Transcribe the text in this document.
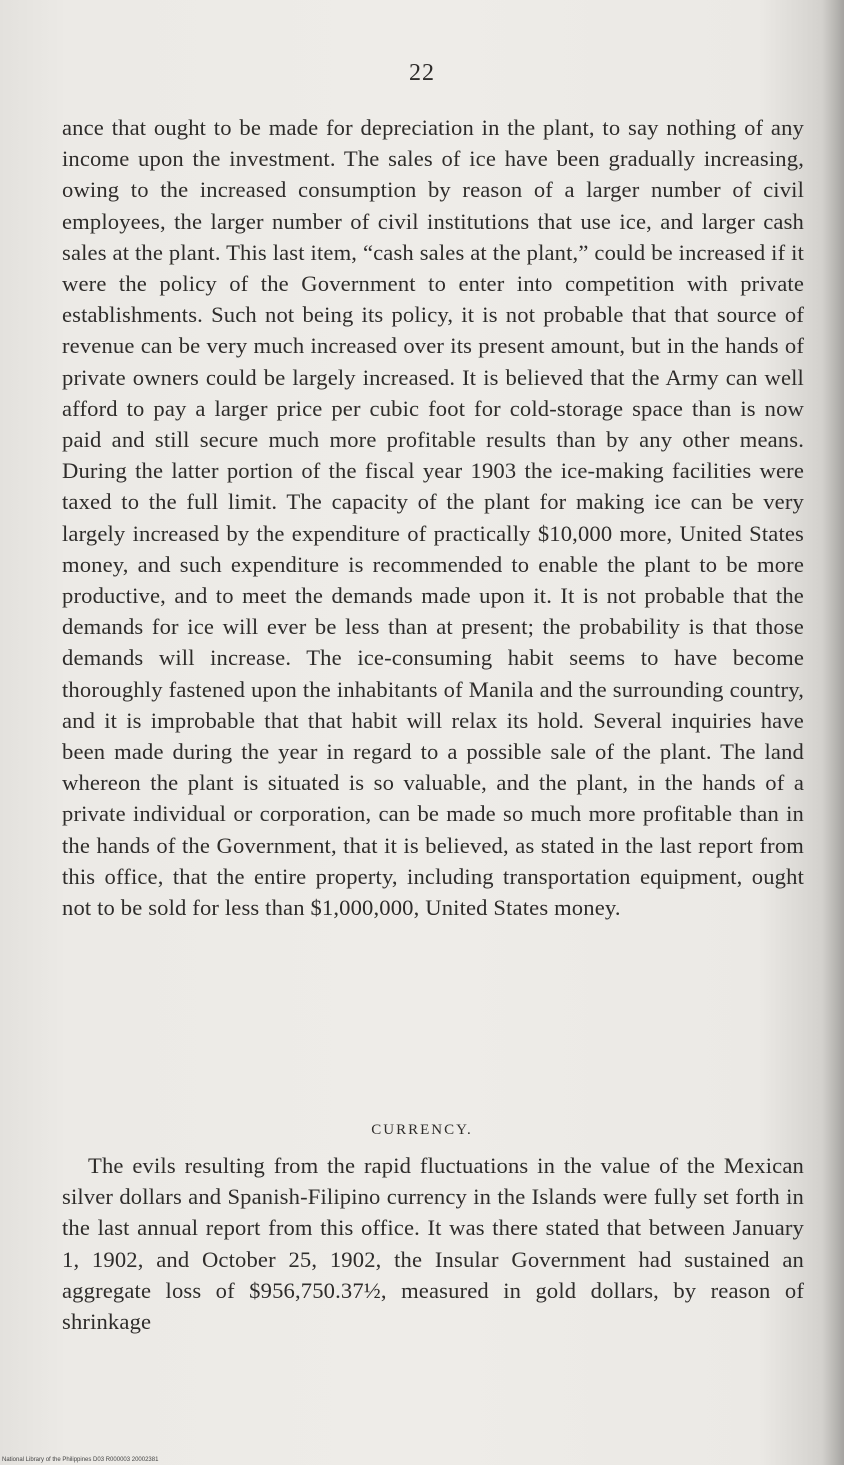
22

ance that ought to be made for depreciation in the plant, to say nothing of any income upon the investment. The sales of ice have been gradually increasing, owing to the increased consumption by reason of a larger number of civil employees, the larger number of civil institutions that use ice, and larger cash sales at the plant. This last item, “cash sales at the plant,” could be increased if it were the policy of the Government to enter into competition with private establishments. Such not being its policy, it is not probable that that source of revenue can be very much increased over its present amount, but in the hands of private owners could be largely increased. It is believed that the Army can well afford to pay a larger price per cubic foot for cold-storage space than is now paid and still secure much more profitable results than by any other means. During the latter portion of the fiscal year 1903 the ice-making facilities were taxed to the full limit. The capacity of the plant for making ice can be very largely increased by the expenditure of practically $10,000 more, United States money, and such expenditure is recommended to enable the plant to be more productive, and to meet the demands made upon it. It is not probable that the demands for ice will ever be less than at present; the probability is that those demands will increase. The ice-consuming habit seems to have become thoroughly fastened upon the inhabitants of Manila and the surrounding country, and it is improbable that that habit will relax its hold. Several inquiries have been made during the year in regard to a possible sale of the plant. The land whereon the plant is situated is so valuable, and the plant, in the hands of a private individual or corporation, can be made so much more profitable than in the hands of the Government, that it is believed, as stated in the last report from this office, that the entire property, including transportation equipment, ought not to be sold for less than $1,000,000, United States money.

CURRENCY.

The evils resulting from the rapid fluctuations in the value of the Mexican silver dollars and Spanish-Filipino currency in the Islands were fully set forth in the last annual report from this office. It was there stated that between January 1, 1902, and October 25, 1902, the Insular Government had sustained an aggregate loss of $956,750.37½, measured in gold dollars, by reason of shrinkage

National Library of the Philippines D03 R000003 20002381
